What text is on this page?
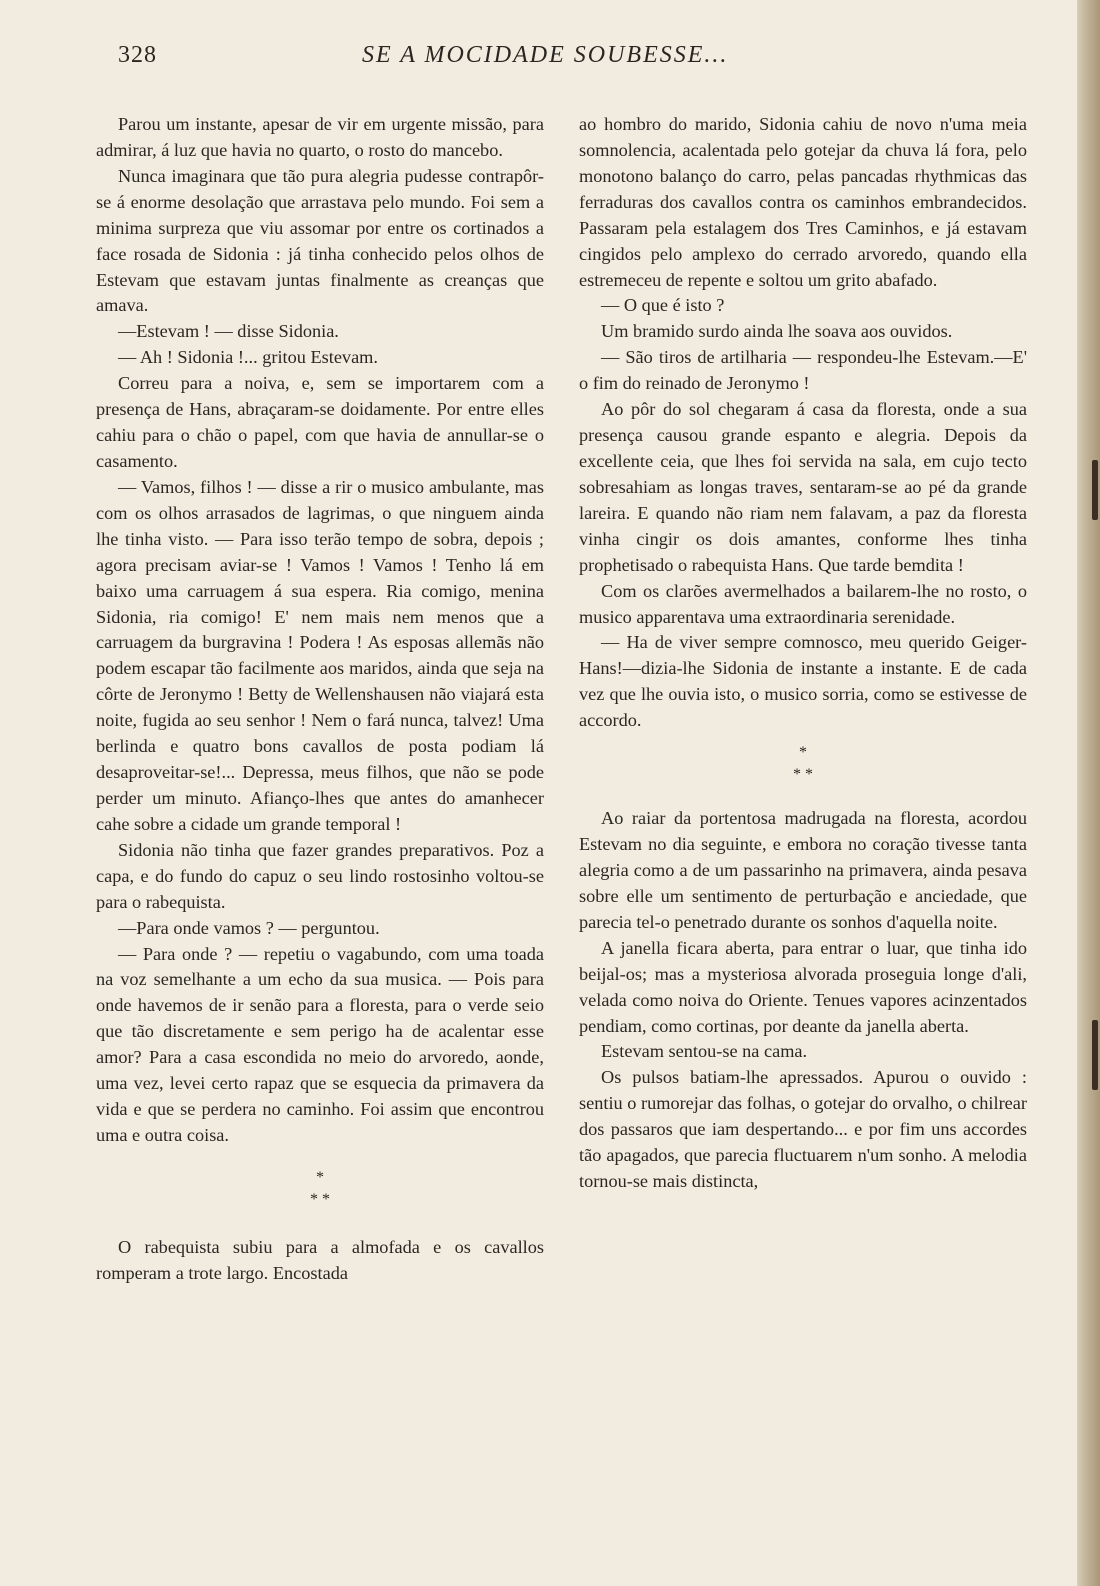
328	SE A MOCIDADE SOUBESSE...

Parou um instante, apesar de vir em urgente missão, para admirar, á luz que havia no quarto, o rosto do mancebo.

Nunca imaginara que tão pura alegria pudesse contrapôr-se á enorme desolação que arrastava pelo mundo. Foi sem a minima surpreza que viu assomar por entre os cortinados a face rosada de Sidonia : já tinha conhecido pelos olhos de Estevam que estavam juntas finalmente as creanças que amava.

—Estevam ! — disse Sidonia.

— Ah ! Sidonia !... gritou Estevam.

Correu para a noiva, e, sem se importarem com a presença de Hans, abraçaram-se doidamente. Por entre elles cahiu para o chão o papel, com que havia de annullar-se o casamento.

— Vamos, filhos ! — disse a rir o musico ambulante, mas com os olhos arrasados de lagrimas, o que ninguem ainda lhe tinha visto. — Para isso terão tempo de sobra, depois ; agora precisam aviar-se ! Vamos ! Vamos ! Tenho lá em baixo uma carruagem á sua espera. Ria comigo, menina Sidonia, ria comigo! E' nem mais nem menos que a carruagem da burgravina ! Podera ! As esposas allemãs não podem escapar tão facilmente aos maridos, ainda que seja na côrte de Jeronymo ! Betty de Wellenshausen não viajará esta noite, fugida ao seu senhor ! Nem o fará nunca, talvez! Uma berlinda e quatro bons cavallos de posta podiam lá desaproveitar-se!... Depressa, meus filhos, que não se pode perder um minuto. Afianço-lhes que antes do amanhecer cahe sobre a cidade um grande temporal !

Sidonia não tinha que fazer grandes preparativos. Poz a capa, e do fundo do capuz o seu lindo rostosinho voltou-se para o rabequista.

—Para onde vamos ? — perguntou.

— Para onde ? — repetiu o vagabundo, com uma toada na voz semelhante a um echo da sua musica. — Pois para onde havemos de ir senão para a floresta, para o verde seio que tão discretamente e sem perigo ha de acalentar esse amor? Para a casa escondida no meio do arvoredo, aonde, uma vez, levei certo rapaz que se esquecia da primavera da vida e que se perdera no caminho. Foi assim que encontrou uma e outra coisa.

*
* *

O rabequista subiu para a almofada e os cavallos romperam a trote largo. Encostada

ao hombro do marido, Sidonia cahiu de novo n'uma meia somnolencia, acalentada pelo gotejar da chuva lá fora, pelo monotono balanço do carro, pelas pancadas rhythmicas das ferraduras dos cavallos contra os caminhos embrandecidos. Passaram pela estalagem dos Tres Caminhos, e já estavam cingidos pelo amplexo do cerrado arvoredo, quando ella estremeceu de repente e soltou um grito abafado.

— O que é isto ?

Um bramido surdo ainda lhe soava aos ouvidos.

— São tiros de artilharia — respondeu-lhe Estevam.—E' o fim do reinado de Jeronymo !

Ao pôr do sol chegaram á casa da floresta, onde a sua presença causou grande espanto e alegria. Depois da excellente ceia, que lhes foi servida na sala, em cujo tecto sobresahiam as longas traves, sentaram-se ao pé da grande lareira. E quando não riam nem falavam, a paz da floresta vinha cingir os dois amantes, conforme lhes tinha prophetisado o rabequista Hans. Que tarde bemdita !

Com os clarões avermelhados a bailarem-lhe no rosto, o musico apparentava uma extraordinaria serenidade.

— Ha de viver sempre comnosco, meu querido Geiger-Hans!—dizia-lhe Sidonia de instante a instante. E de cada vez que lhe ouvia isto, o musico sorria, como se estivesse de accordo.

*
* *

Ao raiar da portentosa madrugada na floresta, acordou Estevam no dia seguinte, e embora no coração tivesse tanta alegria como a de um passarinho na primavera, ainda pesava sobre elle um sentimento de perturbação e anciedade, que parecia tel-o penetrado durante os sonhos d'aquella noite.

A janella ficara aberta, para entrar o luar, que tinha ido beijal-os; mas a mysteriosa alvorada proseguia longe d'ali, velada como noiva do Oriente. Tenues vapores acinzentados pendiam, como cortinas, por deante da janella aberta.

Estevam sentou-se na cama.

Os pulsos batiam-lhe apressados. Apurou o ouvido : sentiu o rumorejar das folhas, o gotejar do orvalho, o chilrear dos passaros que iam despertando... e por fim uns accordes tão apagados, que parecia fluctuarem n'um sonho. A melodia tornou-se mais distincta,
